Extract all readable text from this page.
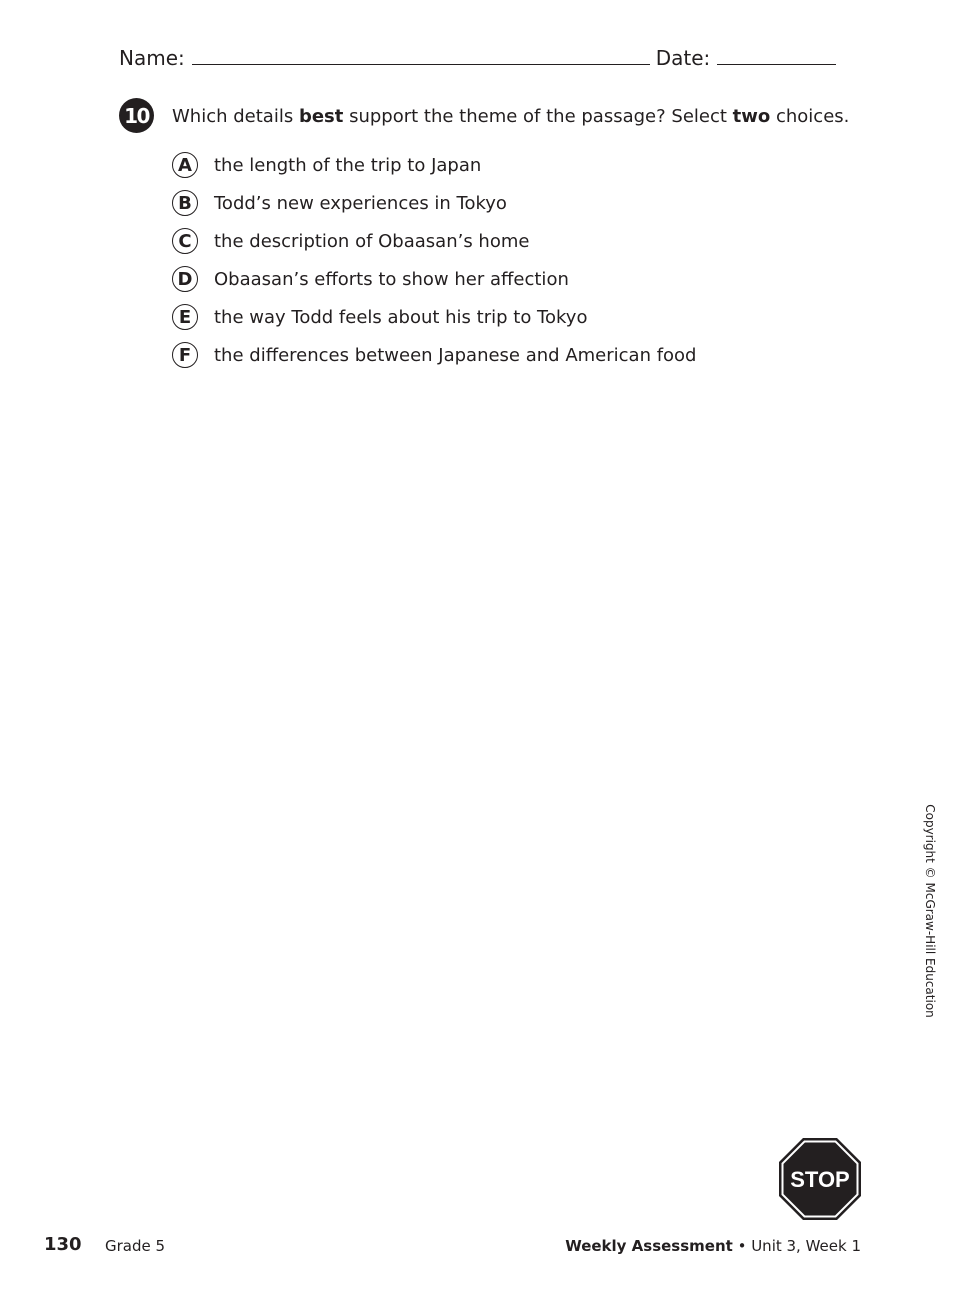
Name:	Date:
10 Which details best support the theme of the passage? Select two choices.
A	the length of the trip to Japan
B	Todd’s new experiences in Tokyo
C	the description of Obaasan’s home
D	Obaasan’s efforts to show her affection
E	the way Todd feels about his trip to Tokyo
F	the differences between Japanese and American food
Copyright © McGraw-Hill Education
STOP
130 Grade 5	Weekly Assessment • Unit 3, Week 1
